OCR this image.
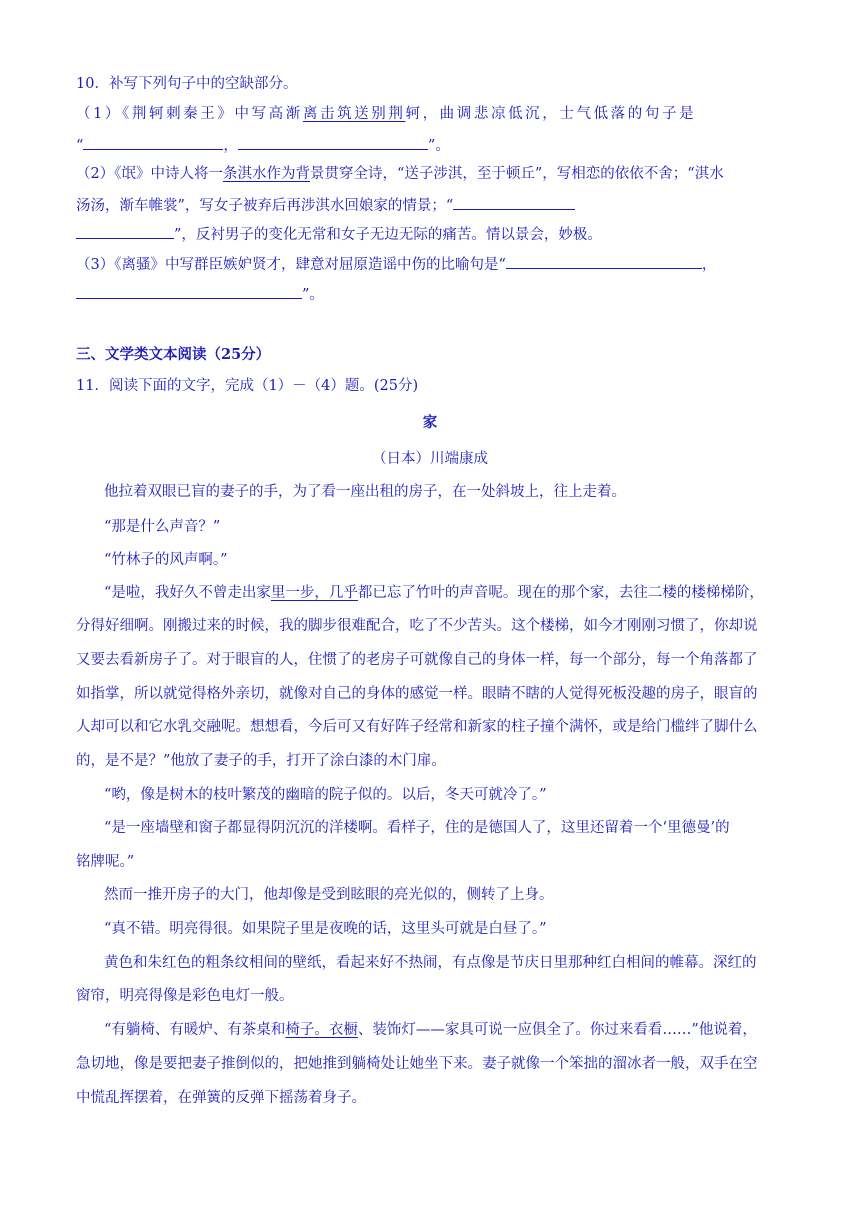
10．补写下列句子中的空缺部分。
（1）《荆轲刺秦王》中写高渐离击筑送别荆轲，曲调悲凉低沉，士气低落的句子是
“	，	”。
（2）《氓》中诗人将一条淇水作为背景贯穿全诗，“送子涉淇，至于顿丘”，写相恋的依依不舍；“淇水
汤汤，渐车帷裳”，写女子被弃后再涉淇水回娘家的情景；“
”，反衬男子的变化无常和女子无边无际的痛苦。情以景会，妙极。
（3）《离骚》中写群臣嫉妒贤才，肆意对屈原造谣中伤的比喻句是“	，
”。
三、文学类文本阅读（25分）
11．阅读下面的文字，完成（1）－（4）题。(25分)
家
（日本）川端康成
他拉着双眼已盲的妻子的手，为了看一座出租的房子，在一处斜坡上，往上走着。
“那是什么声音？”
“竹林子的风声啊。”
“是啦，我好久不曾走出家里一步，几乎都已忘了竹叶的声音呢。现在的那个家，去往二楼的楼梯梯阶，
分得好细啊。刚搬过来的时候，我的脚步很难配合，吃了不少苦头。这个楼梯，如今才刚刚习惯了，你却说
又要去看新房子了。对于眼盲的人，住惯了的老房子可就像自己的身体一样，每一个部分，每一个角落都了
如指掌，所以就觉得格外亲切，就像对自己的身体的感觉一样。眼睛不瞎的人觉得死板没趣的房子，眼盲的
人却可以和它水乳交融呢。想想看，今后可又有好阵子经常和新家的柱子撞个满怀，或是给门槛绊了脚什么
的，是不是？”他放了妻子的手，打开了涂白漆的木门扉。
“哟，像是树木的枝叶繁茂的幽暗的院子似的。以后，冬天可就冷了。”
“是一座墙壁和窗子都显得阴沉沉的洋楼啊。看样子，住的是德国人了，这里还留着一个‘里德曼’的
铭牌呢。”
然而一推开房子的大门，他却像是受到眩眼的亮光似的，侧转了上身。
“真不错。明亮得很。如果院子里是夜晚的话，这里头可就是白昼了。”
黄色和朱红色的粗条纹相间的壁纸，看起来好不热闹，有点像是节庆日里那种红白相间的帷幕。深红的
窗帘，明亮得像是彩色电灯一般。
“有躺椅、有暖炉、有茶桌和椅子。衣橱、装饰灯——家具可说一应俱全了。你过来看看……”他说着，
急切地，像是要把妻子推倒似的，把她推到躺椅处让她坐下来。妻子就像一个笨拙的溜冰者一般，双手在空
中慌乱挥摆着，在弹簧的反弹下摇荡着身子。
